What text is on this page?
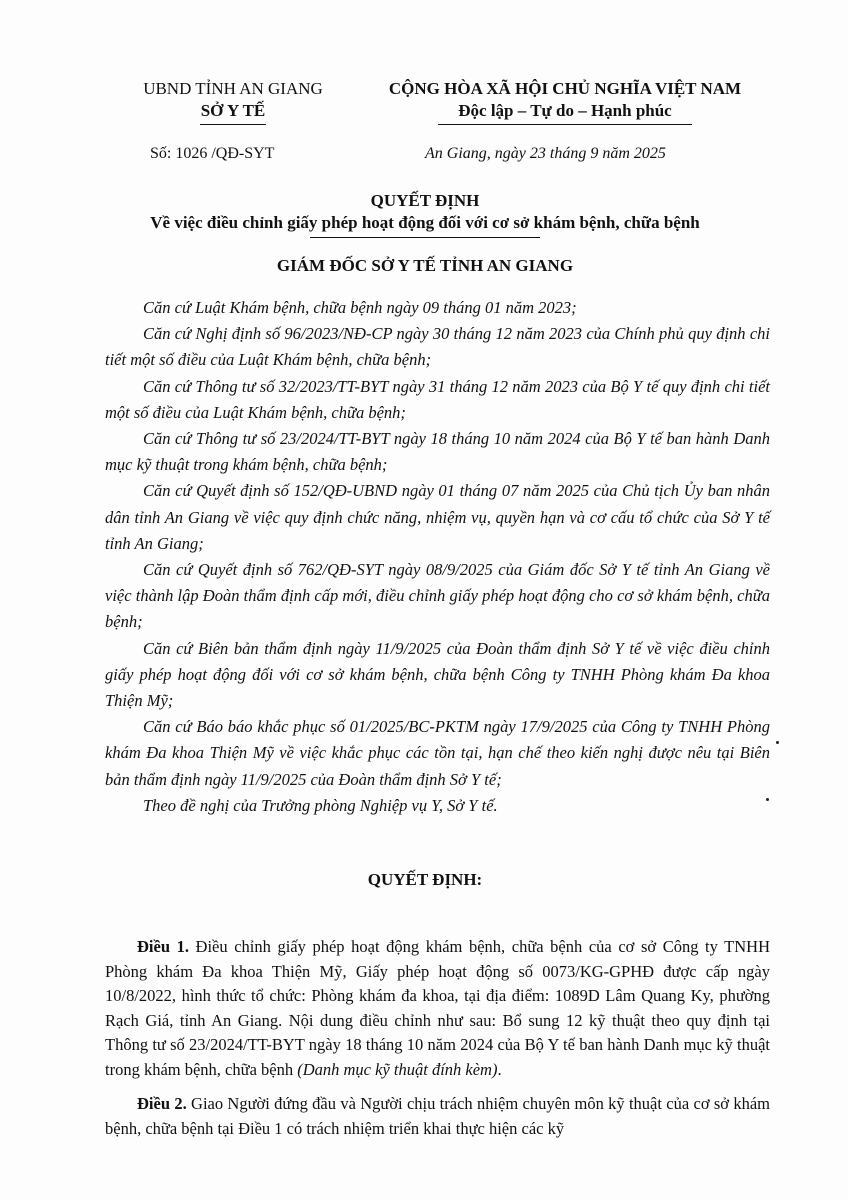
UBND TỈNH AN GIANG
SỞ Y TẾ
CỘNG HÒA XÃ HỘI CHỦ NGHĨA VIỆT NAM
Độc lập – Tự do – Hạnh phúc
Số: 1026 /QĐ-SYT	An Giang, ngày 23 tháng 9 năm 2025
QUYẾT ĐỊNH
Về việc điều chỉnh giấy phép hoạt động đối với cơ sở khám bệnh, chữa bệnh
GIÁM ĐỐC SỞ Y TẾ TỈNH AN GIANG

Căn cứ Luật Khám bệnh, chữa bệnh ngày 09 tháng 01 năm 2023;

Căn cứ Nghị định số 96/2023/NĐ-CP ngày 30 tháng 12 năm 2023 của Chính phủ quy định chi tiết một số điều của Luật Khám bệnh, chữa bệnh;

Căn cứ Thông tư số 32/2023/TT-BYT ngày 31 tháng 12 năm 2023 của Bộ Y tế quy định chi tiết một số điều của Luật Khám bệnh, chữa bệnh;

Căn cứ Thông tư số 23/2024/TT-BYT ngày 18 tháng 10 năm 2024 của Bộ Y tế ban hành Danh mục kỹ thuật trong khám bệnh, chữa bệnh;

Căn cứ Quyết định số 152/QĐ-UBND ngày 01 tháng 07 năm 2025 của Chủ tịch Ủy ban nhân dân tỉnh An Giang về việc quy định chức năng, nhiệm vụ, quyền hạn và cơ cấu tổ chức của Sở Y tế tỉnh An Giang;

Căn cứ Quyết định số 762/QĐ-SYT ngày 08/9/2025 của Giám đốc Sở Y tế tỉnh An Giang về việc thành lập Đoàn thẩm định cấp mới, điều chỉnh giấy phép hoạt động cho cơ sở khám bệnh, chữa bệnh;

Căn cứ Biên bản thẩm định ngày 11/9/2025 của Đoàn thẩm định Sở Y tế về việc điều chỉnh giấy phép hoạt động đối với cơ sở khám bệnh, chữa bệnh Công ty TNHH Phòng khám Đa khoa Thiện Mỹ;

Căn cứ Báo báo khắc phục số 01/2025/BC-PKTM ngày 17/9/2025 của Công ty TNHH Phòng khám Đa khoa Thiện Mỹ về việc khắc phục các tồn tại, hạn chế theo kiến nghị được nêu tại Biên bản thẩm định ngày 11/9/2025 của Đoàn thẩm định Sở Y tế;

Theo đề nghị của Trưởng phòng Nghiệp vụ Y, Sở Y tế.

QUYẾT ĐỊNH:

Điều 1. Điều chỉnh giấy phép hoạt động khám bệnh, chữa bệnh của cơ sở Công ty TNHH Phòng khám Đa khoa Thiện Mỹ, Giấy phép hoạt động số 0073/KG-GPHĐ được cấp ngày 10/8/2022, hình thức tổ chức: Phòng khám đa khoa, tại địa điểm: 1089D Lâm Quang Ky, phường Rạch Giá, tỉnh An Giang. Nội dung điều chỉnh như sau: Bổ sung 12 kỹ thuật theo quy định tại Thông tư số 23/2024/TT-BYT ngày 18 tháng 10 năm 2024 của Bộ Y tế ban hành Danh mục kỹ thuật trong khám bệnh, chữa bệnh (Danh mục kỹ thuật đính kèm).

Điều 2. Giao Người đứng đầu và Người chịu trách nhiệm chuyên môn kỹ thuật của cơ sở khám bệnh, chữa bệnh tại Điều 1 có trách nhiệm triển khai thực hiện các kỹ
